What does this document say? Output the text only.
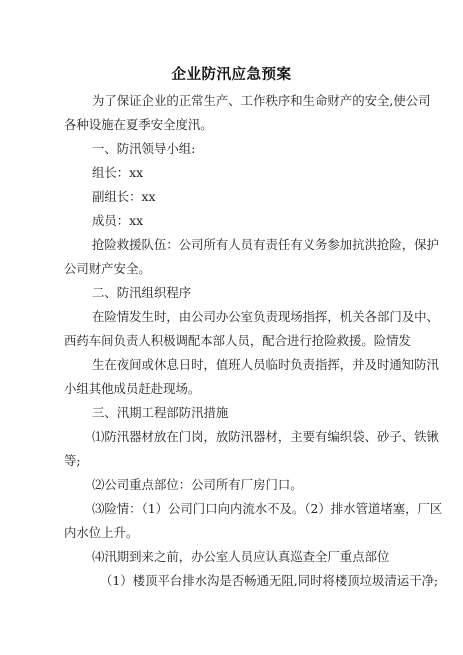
企业防汛应急预案
为了保证企业的正常生产、工作秩序和生命财产的安全,使公司
各种设施在夏季安全度汛。
一、防汛领导小组:
组长：xx
副组长：xx
成员：xx
抢险救援队伍：公司所有人员有责任有义务参加抗洪抢险，保护
公司财产安全。
二、防汛组织程序
在险情发生时，由公司办公室负责现场指挥，机关各部门及中、
西药车间负责人积极调配本部人员，配合进行抢险救援。险情发
生在夜间或休息日时，值班人员临时负责指挥，并及时通知防汛
小组其他成员赶赴现场。
三、汛期工程部防汛措施
⑴防汛器材放在门岗，放防汛器材，主要有编织袋、砂子、铁锹
等;
⑵公司重点部位：公司所有厂房门口。
⑶险情：（1）公司门口向内流水不及。（2）排水管道堵塞，厂区
内水位上升。
⑷汛期到来之前，办公室人员应认真巡查全厂重点部位
（1）楼顶平台排水沟是否畅通无阻,同时将楼顶垃圾清运干净;
